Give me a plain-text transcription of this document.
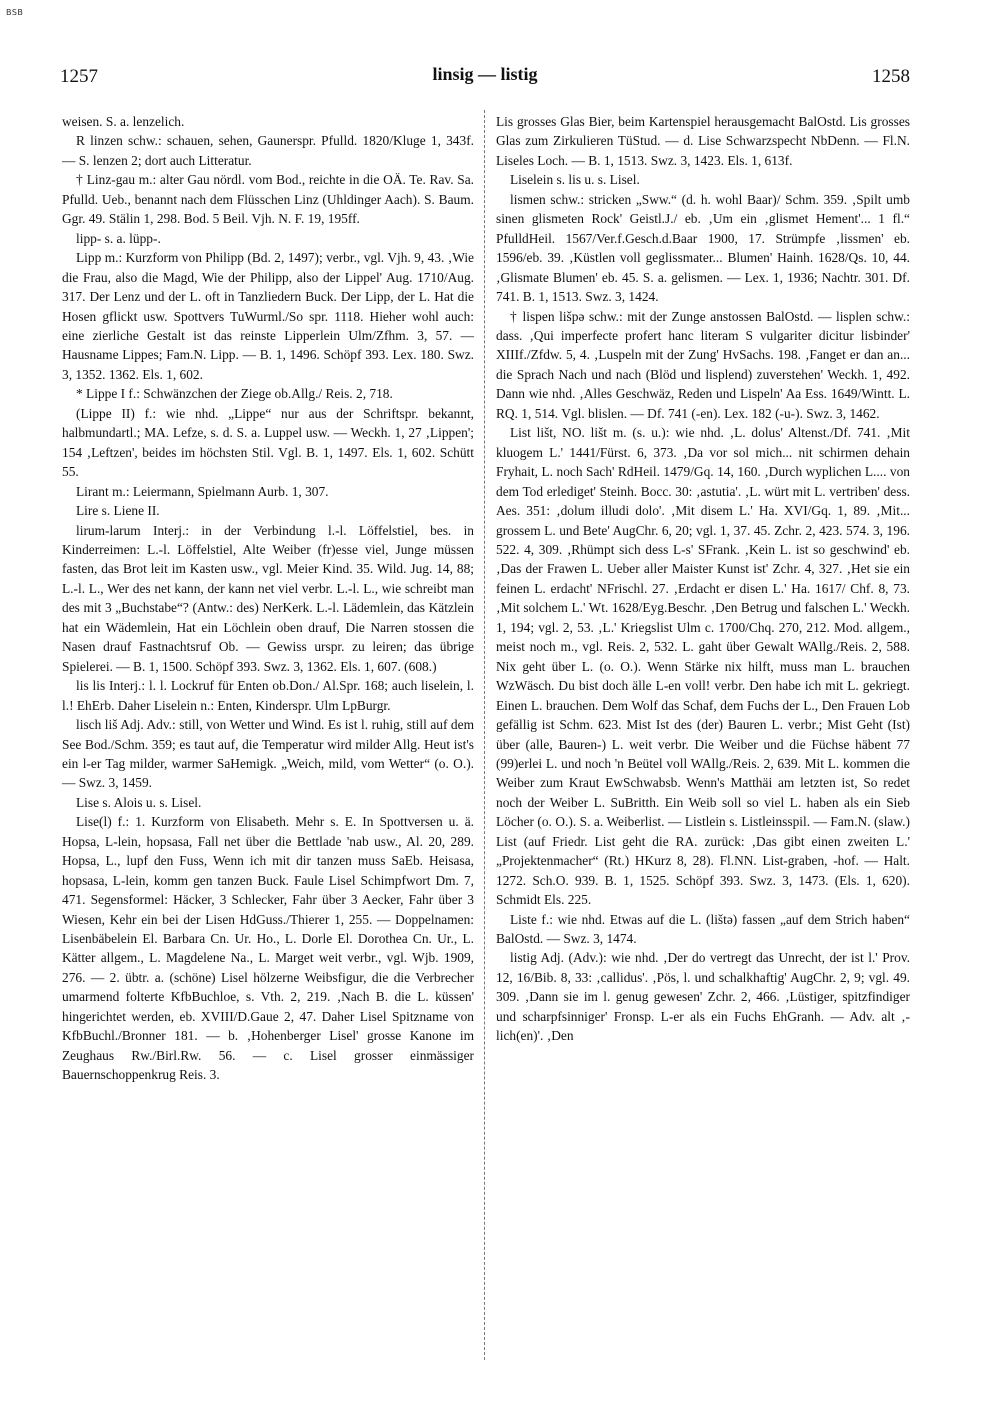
BSB
1257	linsig — listig	1258

weisen. S. a. lenzelich.

R linzen schw.: schauen, sehen, Gaunerspr. Pfulld. 1820/Kluge 1, 343f. — S. lenzen 2; dort auch Litteratur.

† Linz-gau m.: alter Gau nördl. vom Bod., reichte in die OÄ. Te. Rav. Sa. Pfulld. Ueb., benannt nach dem Flüsschen Linz (Uhldinger Aach). S. Baum. Ggr. 49. Stälin 1, 298. Bod. 5 Beil. Vjh. N. F. 19, 195ff.

lipp- s. a. lüpp-.

Lipp m.: Kurzform von Philipp (Bd. 2, 1497); verbr., vgl. Vjh. 9, 43. ‚Wie die Frau, also die Magd, Wie der Philipp, also der Lippel' Aug. 1710/Aug. 317. Der Lenz und der L. oft in Tanzliedern Buck. Der Lipp, der L. Hat die Hosen gflickt usw. Spottvers TuWurml./So spr. 1118. Hieher wohl auch: eine zierliche Gestalt ist das reinste Lipperlein Ulm/Zfhm. 3, 57. — Hausname Lippes; Fam.N. Lipp. — B. 1, 1496. Schöpf 393. Lex. 180. Swz. 3, 1352. 1362. Els. 1, 602.

* Lippe I f.: Schwänzchen der Ziege ob.Allg./ Reis. 2, 718.

(Lippe II) f.: wie nhd. „Lippe“ nur aus der Schriftspr. bekannt, halbmundartl.; MA. Lefze, s. d. S. a. Luppel usw. — Weckh. 1, 27 ‚Lippen'; 154 ‚Leftzen', beides im höchsten Stil. Vgl. B. 1, 1497. Els. 1, 602. Schütt 55.

Lirant m.: Leiermann, Spielmann Aurb. 1, 307.

Lire s. Liene II.

lirum-larum Interj.: in der Verbindung l.-l. Löffelstiel, bes. in Kinderreimen: L.-l. Löffelstiel, Alte Weiber (fr)esse viel, Junge müssen fasten, das Brot leit im Kasten usw., vgl. Meier Kind. 35. Wild. Jug. 14, 88; L.-l. L., Wer des net kann, der kann net viel verbr. L.-l. L., wie schreibt man des mit 3 „Buchstabe“? (Antw.: des) NerKerk. L.-l. Lädemlein, das Kätzlein hat ein Wädemlein, Hat ein Löchlein oben drauf, Die Narren stossen die Nasen drauf Fastnachtsruf Ob. — Gewiss urspr. zu leiren; das übrige Spielerei. — B. 1, 1500. Schöpf 393. Swz. 3, 1362. Els. 1, 607. (608.)

lis lis Interj.: l. l. Lockruf für Enten ob.Don./ Al.Spr. 168; auch liselein, l. l.! EhErb. Daher Liselein n.: Enten, Kinderspr. Ulm LpBurgr.

lisch liš Adj. Adv.: still, von Wetter und Wind. Es ist l. ruhig, still auf dem See Bod./Schm. 359; es taut auf, die Temperatur wird milder Allg. Heut ist's ein l-er Tag milder, warmer SaHemigk. „Weich, mild, vom Wetter“ (o. O.). — Swz. 3, 1459.

Lise s. Alois u. s. Lisel.

Lise(l) f.: 1. Kurzform von Elisabeth. Mehr s. E. In Spottversen u. ä. Hopsa, L-lein, hopsasa, Fall net über die Bettlade 'nab usw., Al. 20, 289. Hopsa, L., lupf den Fuss, Wenn ich mit dir tanzen muss SaEb. Heisasa, hopsasa, L-lein, komm gen tanzen Buck. Faule Lisel Schimpfwort Dm. 7, 471. Segensformel: Häcker, 3 Schlecker, Fahr über 3 Aecker, Fahr über 3 Wiesen, Kehr ein bei der Lisen HdGuss./Thierer 1, 255. — Doppelnamen: Lisenbäbelein El. Barbara Cn. Ur. Ho., L. Dorle El. Dorothea Cn. Ur., L. Kätter allgem., L. Magdelene Na., L. Marget weit verbr., vgl. Wjb. 1909, 276. — 2. übtr. a. (schöne) Lisel hölzerne Weibsfigur, die die Verbrecher umarmend folterte KfbBuchloe, s. Vth. 2, 219. ‚Nach B. die L. küssen' hingerichtet werden, eb. XVIII/D.Gaue 2, 47. Daher Lisel Spitzname von KfbBuchl./Bronner 181. — b. ‚Hohenberger Lisel' grosse Kanone im Zeughaus Rw./Birl.Rw. 56. — c. Lisel grosser einmässiger Bauernschoppenkrug Reis. 3.

Lis grosses Glas Bier, beim Kartenspiel herausgemacht BalOstd. Lis grosses Glas zum Zirkulieren TüStud. — d. Lise Schwarzspecht NbDenn. — Fl.N. Liseles Loch. — B. 1, 1513. Swz. 3, 1423. Els. 1, 613f.

Liselein s. lis u. s. Lisel.

lismen schw.: stricken „Sww.“ (d. h. wohl Baar)/ Schm. 359. ‚Spilt umb sinen glismeten Rock' Geistl.J./ eb. ‚Um ein ‚glismet Hement'... 1 fl.“ PfulldHeil. 1567/Ver.f.Gesch.d.Baar 1900, 17. Strümpfe ‚lissmen' eb. 1596/eb. 39. ‚Küstlen voll geglissmater... Blumen' Hainh. 1628/Qs. 10, 44. ‚Glismate Blumen' eb. 45. S. a. gelismen. — Lex. 1, 1936; Nachtr. 301. Df. 741. B. 1, 1513. Swz. 3, 1424.

† lispen lišpə schw.: mit der Zunge anstossen BalOstd. — lisplen schw.: dass. ‚Qui imperfecte profert hanc literam S vulgariter dicitur lisbinder' XIIIf./Zfdw. 5, 4. ‚Luspeln mit der Zung' HvSachs. 198. ‚Fanget er dan an... die Sprach Nach und nach (Blöd und lisplend) zuverstehen' Weckh. 1, 492. Dann wie nhd. ‚Alles Geschwäz, Reden und Lispeln' Aa Ess. 1649/Wintt. L. RQ. 1, 514. Vgl. blislen. — Df. 741 (-en). Lex. 182 (-u-). Swz. 3, 1462.

List lišt, NO. lišt m. (s. u.): wie nhd. ‚L. dolus' Altenst./Df. 741. ‚Mit kluogem L.' 1441/Fürst. 6, 373. ‚Da vor sol mich... nit schirmen dehain Fryhait, L. noch Sach' RdHeil. 1479/Gq. 14, 160. ‚Durch wyplichen L.... von dem Tod erlediget' Steinh. Bocc. 30: ‚astutia'. ‚L. würt mit L. vertriben' dess. Aes. 351: ‚dolum illudi dolo'. ‚Mit disem L.' Ha. XVI/Gq. 1, 89. ‚Mit... grossem L. und Bete' AugChr. 6, 20; vgl. 1, 37. 45. Zchr. 2, 423. 574. 3, 196. 522. 4, 309. ‚Rhümpt sich dess L-s' SFrank. ‚Kein L. ist so geschwind' eb. ‚Das der Frawen L. Ueber aller Maister Kunst ist' Zchr. 4, 327. ‚Het sie ein feinen L. erdacht' NFrischl. 27. ‚Erdacht er disen L.' Ha. 1617/ Chf. 8, 73. ‚Mit solchem L.' Wt. 1628/Eyg.Beschr. ‚Den Betrug und falschen L.' Weckh. 1, 194; vgl. 2, 53. ‚L.' Kriegslist Ulm c. 1700/Chq. 270, 212. Mod. allgem., meist noch m., vgl. Reis. 2, 532. L. gaht über Gewalt WAllg./Reis. 2, 588. Nix geht über L. (o. O.). Wenn Stärke nix hilft, muss man L. brauchen WzWäsch. Du bist doch älle L-en voll! verbr. Den habe ich mit L. gekriegt. Einen L. brauchen. Dem Wolf das Schaf, dem Fuchs der L., Den Frauen Lob gefällig ist Schm. 623. Mist Ist des (der) Bauren L. verbr.; Mist Geht (Ist) über (alle, Bauren-) L. weit verbr. Die Weiber und die Füchse häbent 77 (99)erlei L. und noch 'n Beütel voll WAllg./Reis. 2, 639. Mit L. kommen die Weiber zum Kraut EwSchwabsb. Wenn's Matthäi am letzten ist, So redet noch der Weiber L. SuBritth. Ein Weib soll so viel L. haben als ein Sieb Löcher (o. O.). S. a. Weiberlist. — Listlein s. Listleinsspil. — Fam.N. (slaw.) List (auf Friedr. List geht die RA. zurück: ‚Das gibt einen zweiten L.' „Projektenmacher“ (Rt.) HKurz 8, 28). Fl.NN. List-graben, -hof. — Halt. 1272. Sch.O. 939. B. 1, 1525. Schöpf 393. Swz. 3, 1473. (Els. 1, 620). Schmidt Els. 225.

Liste f.: wie nhd. Etwas auf die L. (lištə) fassen „auf dem Strich haben“ BalOstd. — Swz. 3, 1474.

listig Adj. (Adv.): wie nhd. ‚Der do vertregt das Unrecht, der ist l.' Prov. 12, 16/Bib. 8, 33: ‚callidus'. ‚Pös, l. und schalkhaftig' AugChr. 2, 9; vgl. 49. 309. ‚Dann sie im l. genug gewesen' Zchr. 2, 466. ‚Lüstiger, spitzfindiger und scharpfsinniger' Fronsp. L-er als ein Fuchs EhGranh. — Adv. alt ‚-lich(en)'. ‚Den
